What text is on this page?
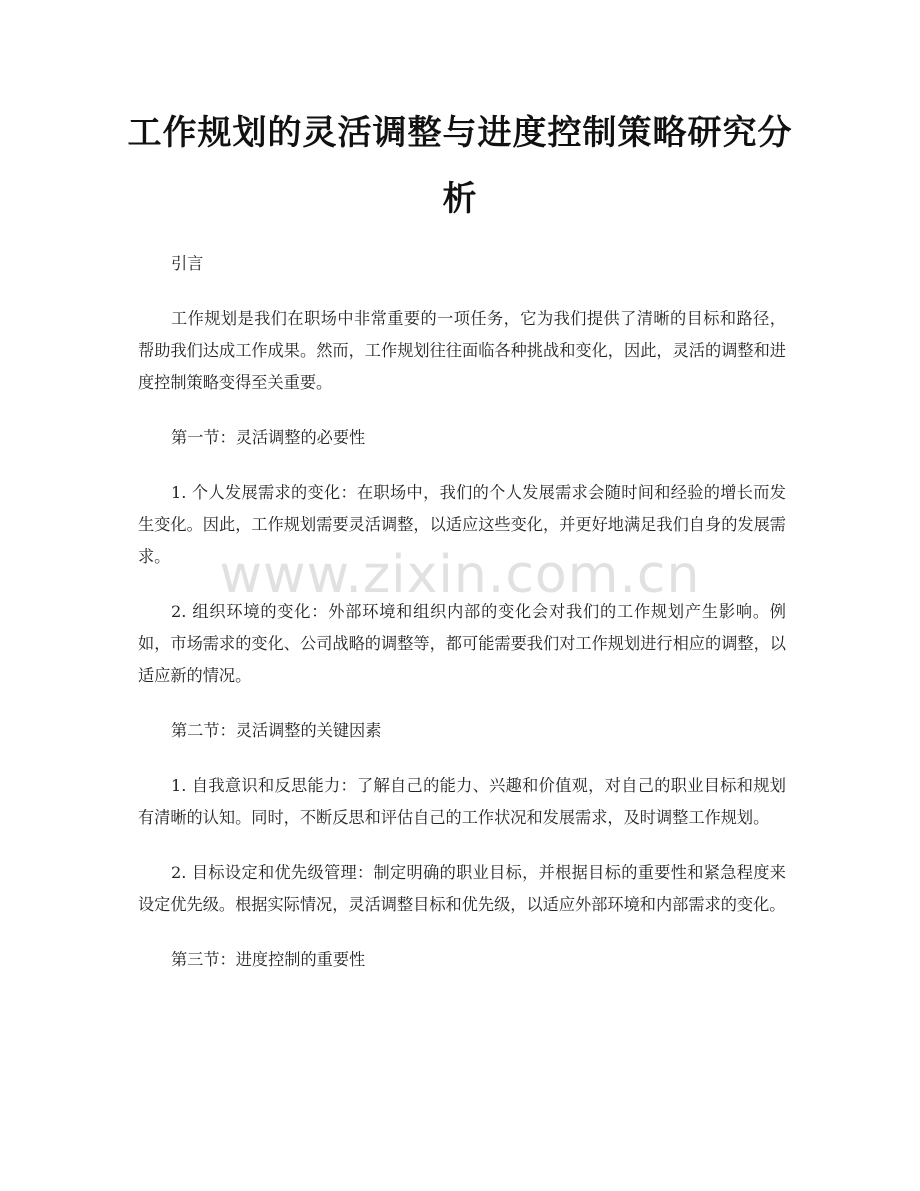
工作规划的灵活调整与进度控制策略研究分析

引言

工作规划是我们在职场中非常重要的一项任务，它为我们提供了清晰的目标和路径，帮助我们达成工作成果。然而，工作规划往往面临各种挑战和变化，因此，灵活的调整和进度控制策略变得至关重要。

第一节：灵活调整的必要性

1. 个人发展需求的变化：在职场中，我们的个人发展需求会随时间和经验的增长而发生变化。因此，工作规划需要灵活调整，以适应这些变化，并更好地满足我们自身的发展需求。

2. 组织环境的变化：外部环境和组织内部的变化会对我们的工作规划产生影响。例如，市场需求的变化、公司战略的调整等，都可能需要我们对工作规划进行相应的调整，以适应新的情况。

第二节：灵活调整的关键因素

1. 自我意识和反思能力：了解自己的能力、兴趣和价值观，对自己的职业目标和规划有清晰的认知。同时，不断反思和评估自己的工作状况和发展需求，及时调整工作规划。

2. 目标设定和优先级管理：制定明确的职业目标，并根据目标的重要性和紧急程度来设定优先级。根据实际情况，灵活调整目标和优先级，以适应外部环境和内部需求的变化。

第三节：进度控制的重要性

www.zixin.com.cn
